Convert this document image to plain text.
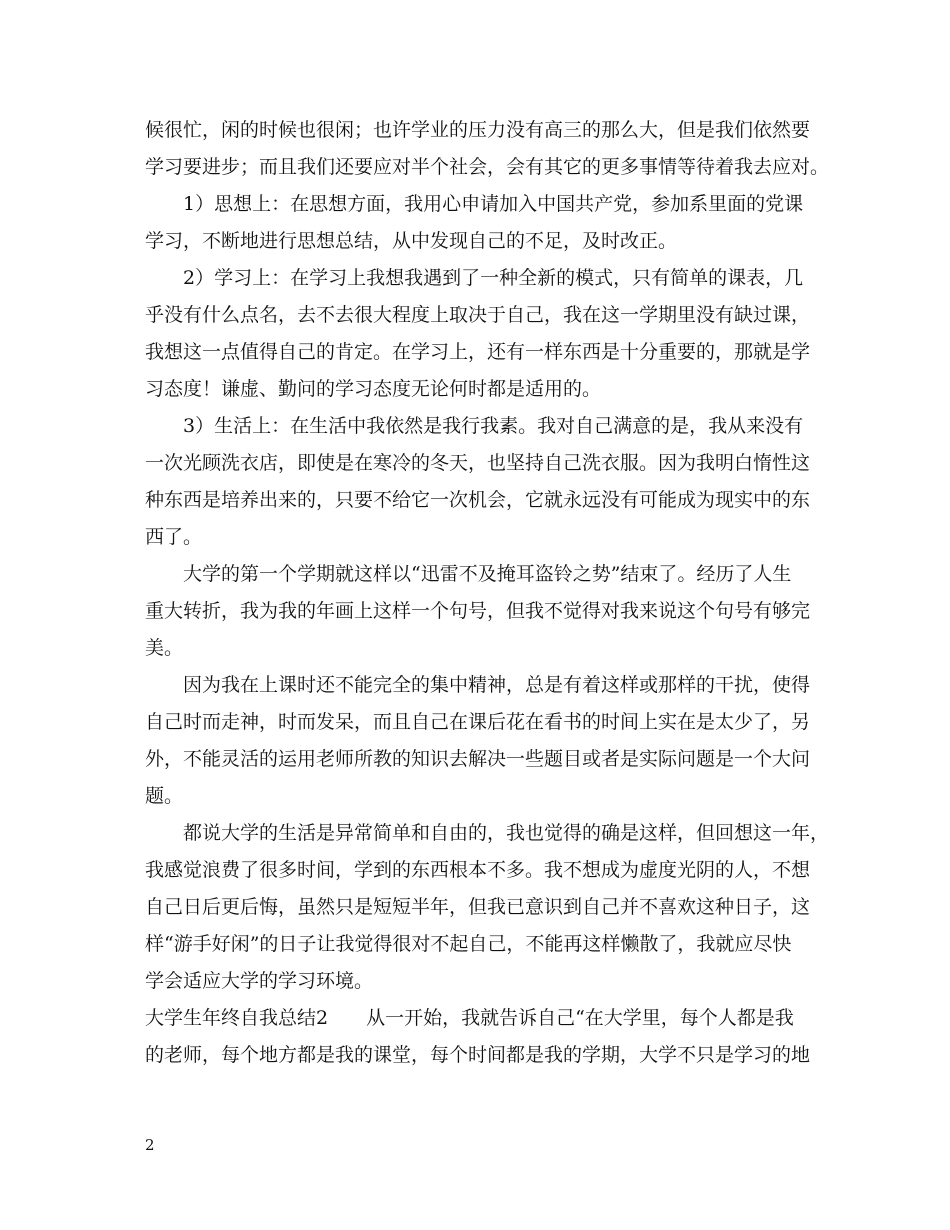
候很忙，闲的时候也很闲；也许学业的压力没有高三的那么大，但是我们依然要

学习要进步；而且我们还要应对半个社会，会有其它的更多事情等待着我去应对。

1）思想上：在思想方面，我用心申请加入中国共产党，参加系里面的党课

学习，不断地进行思想总结，从中发现自己的不足，及时改正。

2）学习上：在学习上我想我遇到了一种全新的模式，只有简单的课表，几

乎没有什么点名，去不去很大程度上取决于自己，我在这一学期里没有缺过课，

我想这一点值得自己的肯定。在学习上，还有一样东西是十分重要的，那就是学

习态度！谦虚、勤问的学习态度无论何时都是适用的。

3）生活上：在生活中我依然是我行我素。我对自己满意的是，我从来没有

一次光顾洗衣店，即使是在寒冷的冬天，也坚持自己洗衣服。因为我明白惰性这

种东西是培养出来的，只要不给它一次机会，它就永远没有可能成为现实中的东

西了。

大学的第一个学期就这样以“迅雷不及掩耳盗铃之势”结束了。经历了人生

重大转折，我为我的年画上这样一个句号，但我不觉得对我来说这个句号有够完

美。

因为我在上课时还不能完全的集中精神，总是有着这样或那样的干扰，使得

自己时而走神，时而发呆，而且自己在课后花在看书的时间上实在是太少了，另

外，不能灵活的运用老师所教的知识去解决一些题目或者是实际问题是一个大问

题。

都说大学的生活是异常简单和自由的，我也觉得的确是这样，但回想这一年，

我感觉浪费了很多时间，学到的东西根本不多。我不想成为虚度光阴的人，不想

自己日后更后悔，虽然只是短短半年，但我已意识到自己并不喜欢这种日子，这

样“游手好闲”的日子让我觉得很对不起自己，不能再这样懒散了，我就应尽快

学会适应大学的学习环境。

大学生年终自我总结2　　从一开始，我就告诉自己“在大学里，每个人都是我

的老师，每个地方都是我的课堂，每个时间都是我的学期，大学不只是学习的地

2
